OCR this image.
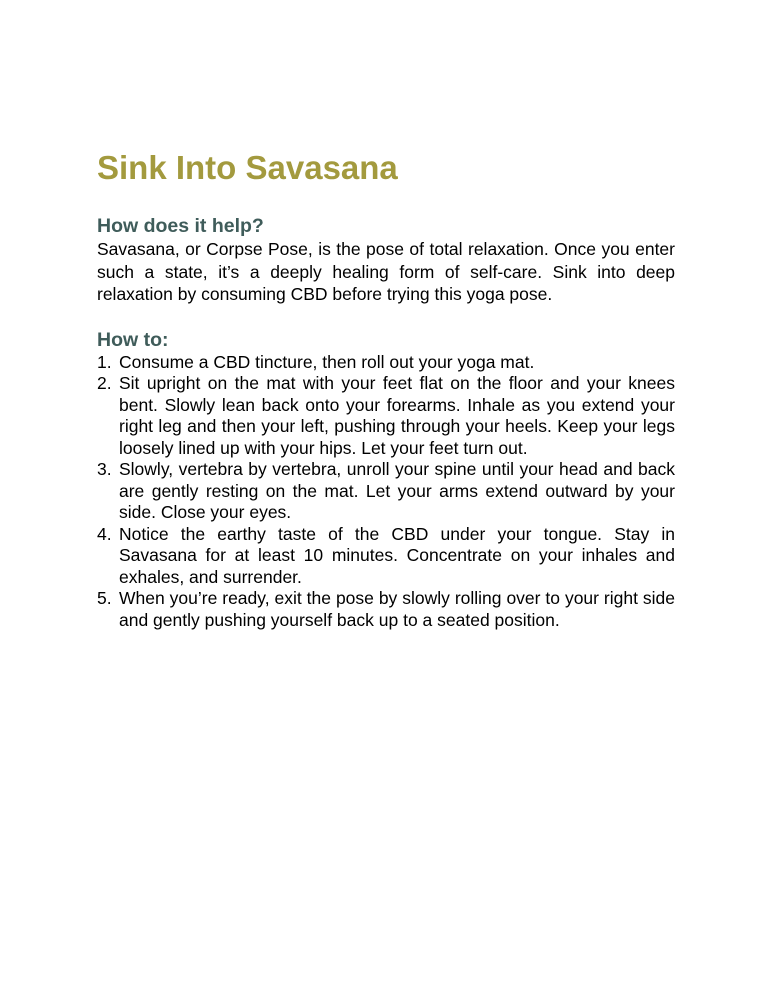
Sink Into Savasana
How does it help?

Savasana, or Corpse Pose, is the pose of total relaxation. Once you enter such a state, it’s a deeply healing form of self-care. Sink into deep relaxation by consuming CBD before trying this yoga pose.

How to:
1. Consume a CBD tincture, then roll out your yoga mat.
2. Sit upright on the mat with your feet flat on the floor and your knees bent. Slowly lean back onto your forearms. Inhale as you extend your right leg and then your left, pushing through your heels. Keep your legs loosely lined up with your hips. Let your feet turn out.
3. Slowly, vertebra by vertebra, unroll your spine until your head and back are gently resting on the mat. Let your arms extend outward by your side. Close your eyes.
4. Notice the earthy taste of the CBD under your tongue. Stay in Savasana for at least 10 minutes. Concentrate on your inhales and exhales, and surrender.
5. When you’re ready, exit the pose by slowly rolling over to your right side and gently pushing yourself back up to a seated position.
